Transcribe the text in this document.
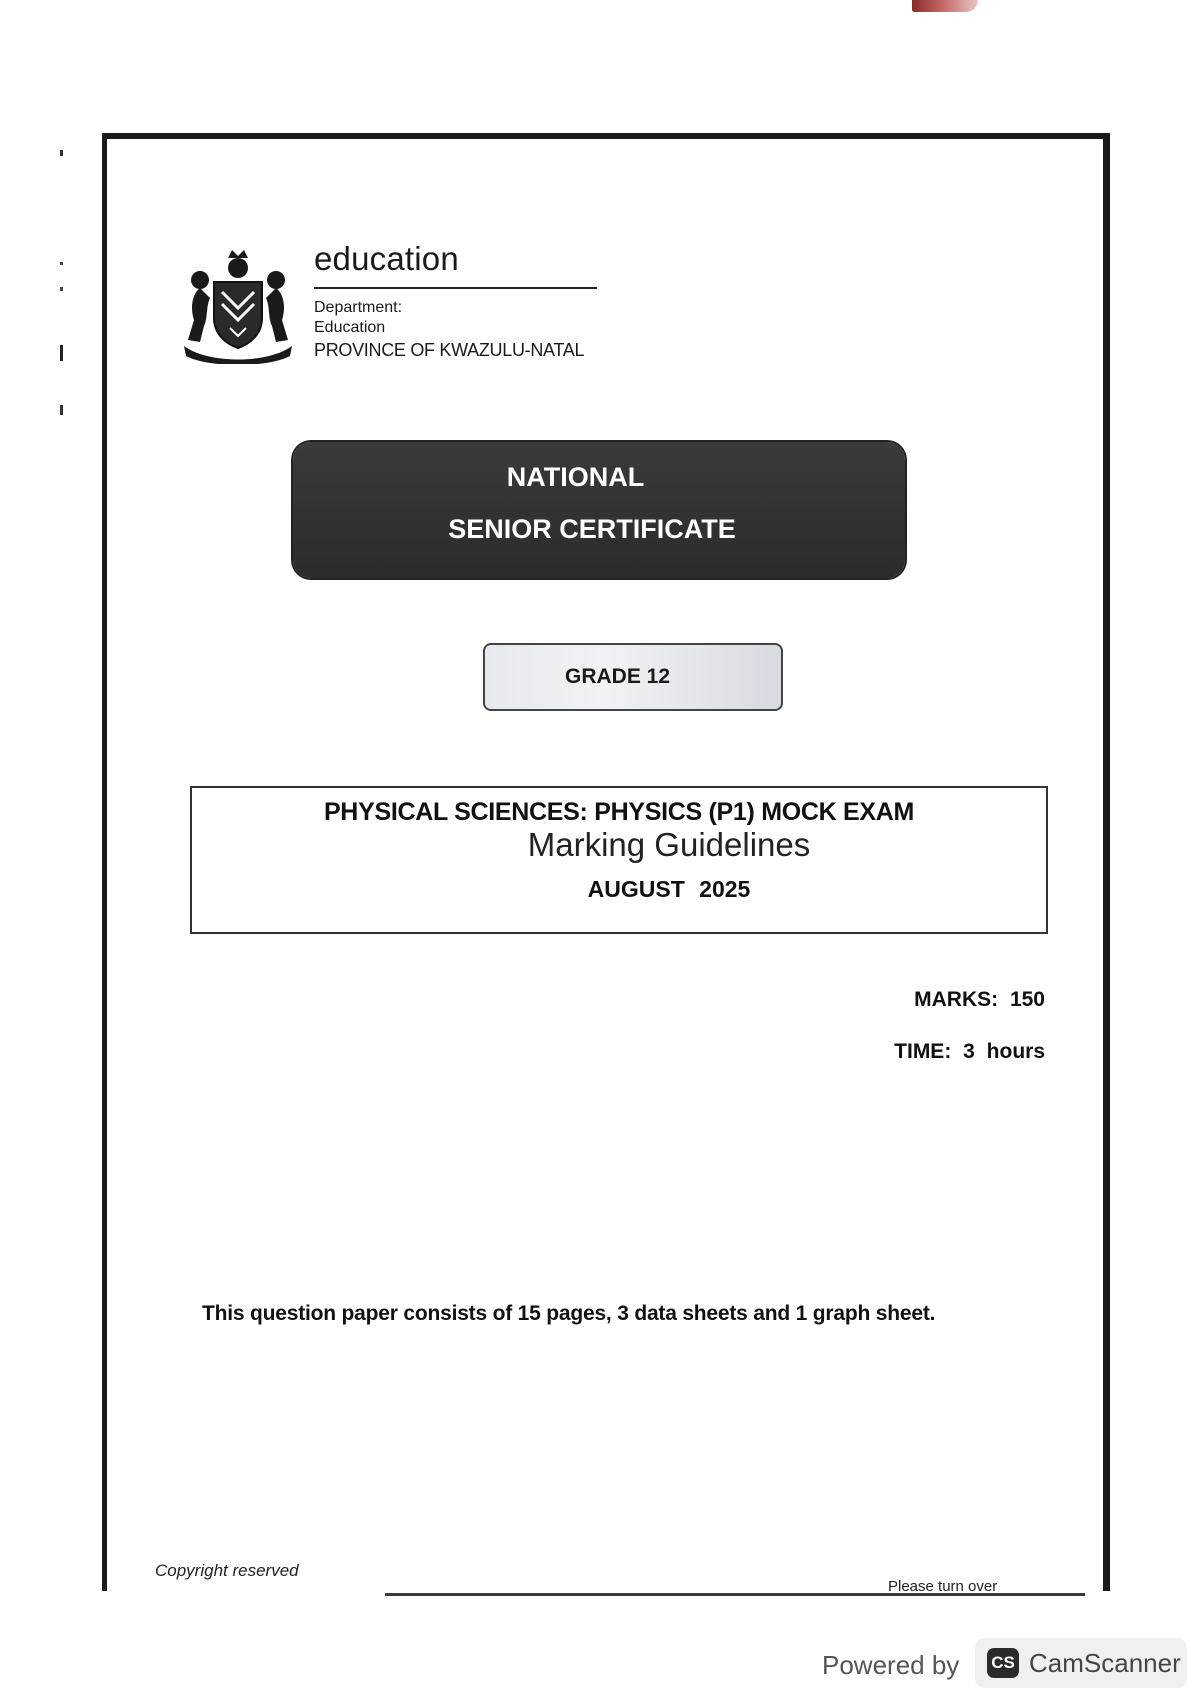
education
Department:
Education
PROVINCE OF KWAZULU-NATAL
NATIONAL
SENIOR CERTIFICATE
GRADE 12
PHYSICAL SCIENCES: PHYSICS (P1) MOCK EXAM
Marking Guidelines
AUGUST 2025
MARKS: 150
TIME: 3 hours
This question paper consists of 15 pages, 3 data sheets and 1 graph sheet.
Copyright reserved
Please turn over
Powered by CS CamScanner
